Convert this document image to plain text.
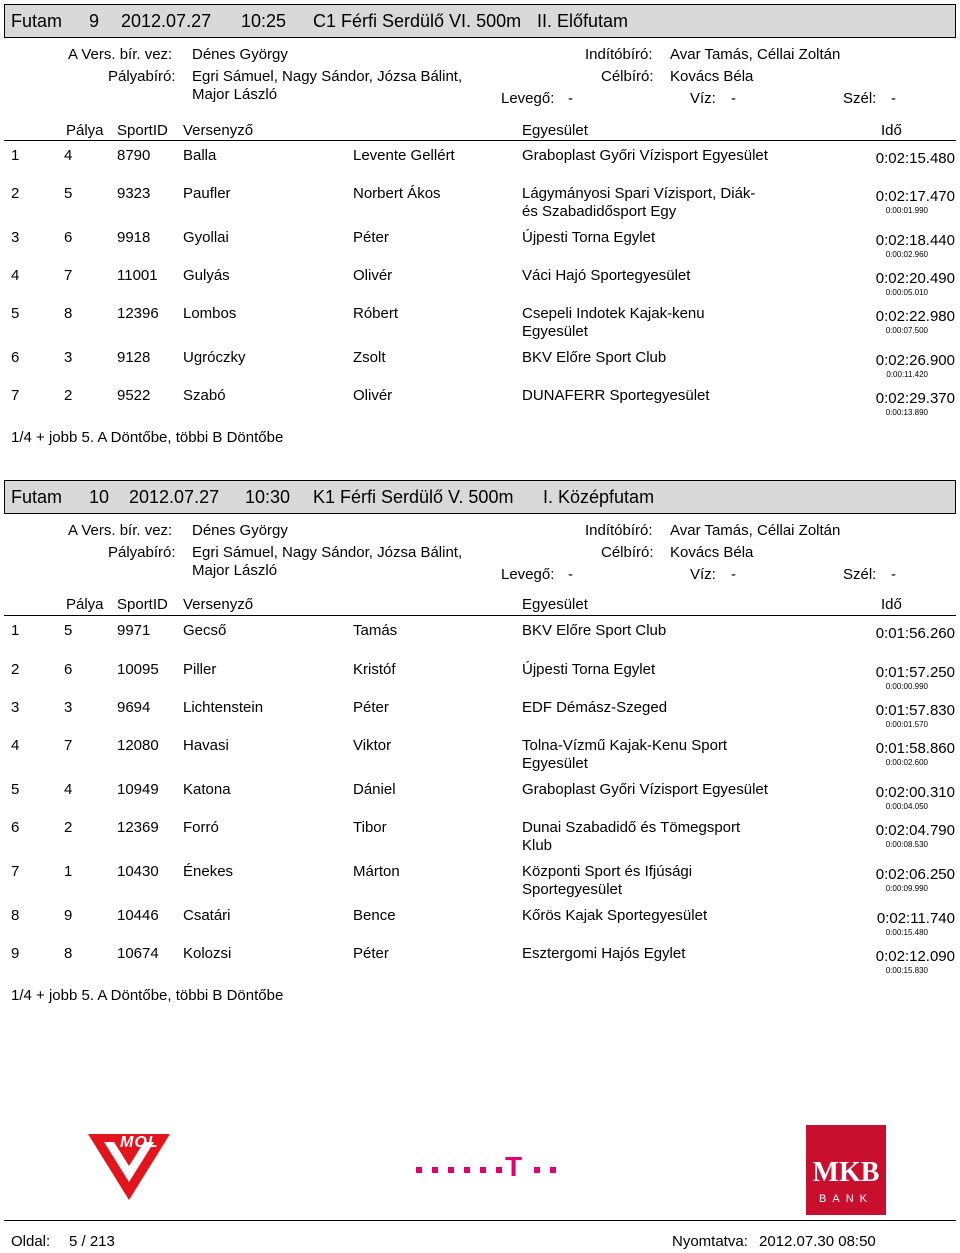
Futam 9 2012.07.27 10:25 C1 Férfi Serdülő VI. 500m II. Előfutam
A Vers. bír. vez: Dénes György
Pályabíró: Egri Sámuel, Nagy Sándor, Józsa Bálint,
Major László
Indítóbíró: Avar Tamás, Céllai Zoltán
Célbíró: Kovács Béla
Levegő: -	Víz: -	Szél: -
Pálya SportID Versenyző	Egyesület	Idő
1	4	8790 Balla	Levente Gellért	Graboplast Győri Vízisport Egyesület	0:02:15.480
2	5	9323 Paufler	Norbert Ákos	Lágymányosi Spari Vízisport, Diák-
és Szabadidősport Egy
0:02:17.470
0:00:01.990
3	6	9918 Gyollai	Péter	Újpesti Torna Egylet	0:02:18.440
0:00:02.960
4	7	11001 Gulyás	Olivér	Váci Hajó Sportegyesület	0:02:20.490
0:00:05.010
5	8	12396 Lombos	Róbert	Csepeli Indotek Kajak-kenu
Egyesület
0:02:22.980
0:00:07.500
6	3	9128 Ugróczky	Zsolt	BKV Előre Sport Club	0:02:26.900
0:00:11.420
7	2	9522 Szabó	Olivér	DUNAFERR Sportegyesület	0:02:29.370
0:00:13.890
1/4 + jobb 5. A Döntőbe, többi B Döntőbe
Futam 10 2012.07.27 10:30 K1 Férfi Serdülő V. 500m I. Középfutam
A Vers. bír. vez: Dénes György
Pályabíró: Egri Sámuel, Nagy Sándor, Józsa Bálint,
Major László
Indítóbíró: Avar Tamás, Céllai Zoltán
Célbíró: Kovács Béla
Levegő: -	Víz: -	Szél: -
Pálya SportID Versenyző	Egyesület	Idő
1	5	9971 Gecső	Tamás	BKV Előre Sport Club	0:01:56.260
2	6	10095 Piller	Kristóf	Újpesti Torna Egylet	0:01:57.250
0:00:00.990
3	3	9694 Lichtenstein	Péter	EDF Démász-Szeged	0:01:57.830
0:00:01.570
4	7	12080 Havasi	Viktor	Tolna-Vízmű Kajak-Kenu Sport
Egyesület
0:01:58.860
0:00:02.600
5	4	10949 Katona	Dániel	Graboplast Győri Vízisport Egyesület	0:02:00.310
0:00:04.050
6	2	12369 Forró	Tibor	Dunai Szabadidő és Tömegsport
Klub
0:02:04.790
0:00:08.530
7	1	10430 Énekes	Márton	Központi Sport és Ifjúsági
Sportegyesület
0:02:06.250
0:00:09.990
8	9	10446 Csatári	Bence	Kőrös Kajak Sportegyesület	0:02:11.740
0:00:15.480
9	8	10674 Kolozsi	Péter	Esztergomi Hajós Egylet	0:02:12.090
0:00:15.830
1/4 + jobb 5. A Döntőbe, többi B Döntőbe
MOL
T	MKB
BANK
Oldal: 5 / 213	Nyomtatva: 2012.07.30 08:50
